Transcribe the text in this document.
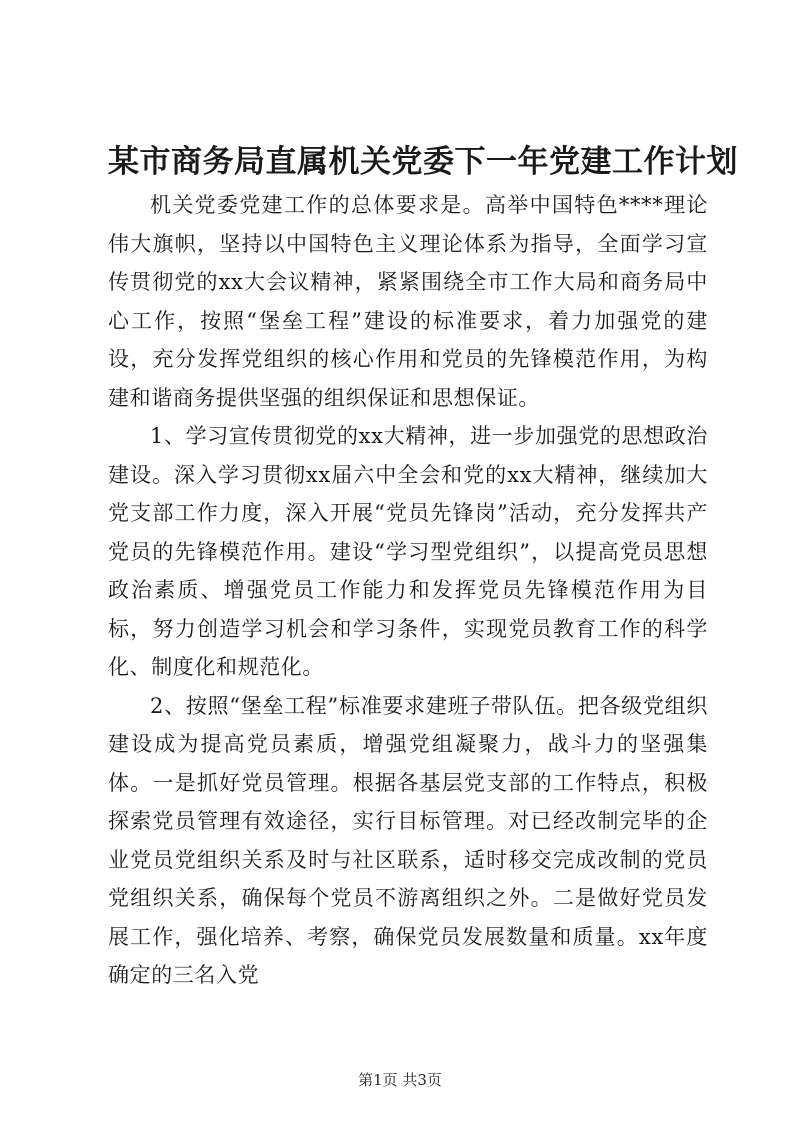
某市商务局直属机关党委下一年党建工作计划

机关党委党建工作的总体要求是。高举中国特色****理论伟大旗帜，坚持以中国特色主义理论体系为指导，全面学习宣传贯彻党的xx大会议精神，紧紧围绕全市工作大局和商务局中心工作，按照“堡垒工程”建设的标准要求，着力加强党的建设，充分发挥党组织的核心作用和党员的先锋模范作用，为构建和谐商务提供坚强的组织保证和思想保证。

1、学习宣传贯彻党的xx大精神，进一步加强党的思想政治建设。深入学习贯彻xx届六中全会和党的xx大精神，继续加大党支部工作力度，深入开展“党员先锋岗”活动，充分发挥共产党员的先锋模范作用。建设“学习型党组织”，以提高党员思想政治素质、增强党员工作能力和发挥党员先锋模范作用为目标，努力创造学习机会和学习条件，实现党员教育工作的科学化、制度化和规范化。

2、按照“堡垒工程”标准要求建班子带队伍。把各级党组织建设成为提高党员素质，增强党组凝聚力，战斗力的坚强集体。一是抓好党员管理。根据各基层党支部的工作特点，积极探索党员管理有效途径，实行目标管理。对已经改制完毕的企业党员党组织关系及时与社区联系，适时移交完成改制的党员党组织关系，确保每个党员不游离组织之外。二是做好党员发展工作，强化培养、考察，确保党员发展数量和质量。xx年度确定的三名入党

第1页 共3页
